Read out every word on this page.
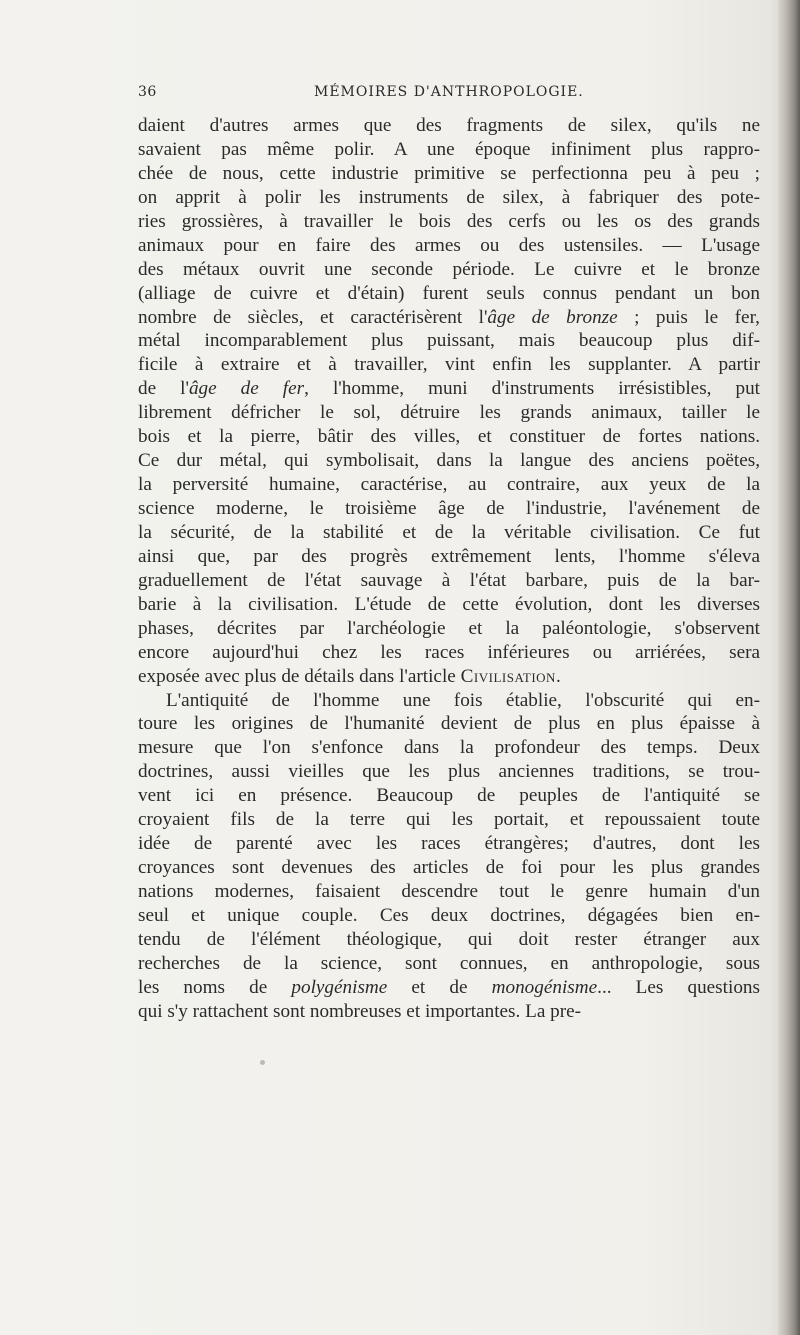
36	MÉMOIRES D'ANTHROPOLOGIE.
daient d'autres armes que des fragments de silex, qu'ils ne
savaient pas même polir. A une époque infiniment plus rappro-
chée de nous, cette industrie primitive se perfectionna peu à peu ;
on apprit à polir les instruments de silex, à fabriquer des pote-
ries grossières, à travailler le bois des cerfs ou les os des grands
animaux pour en faire des armes ou des ustensiles. — L'usage
des métaux ouvrit une seconde période. Le cuivre et le bronze
(alliage de cuivre et d'étain) furent seuls connus pendant un bon
nombre de siècles, et caractérisèrent l'âge de bronze ; puis le fer,
métal incomparablement plus puissant, mais beaucoup plus dif-
ficile à extraire et à travailler, vint enfin les supplanter. A partir
de l'âge de fer, l'homme, muni d'instruments irrésistibles, put
librement défricher le sol, détruire les grands animaux, tailler le
bois et la pierre, bâtir des villes, et constituer de fortes nations.
Ce dur métal, qui symbolisait, dans la langue des anciens poëtes,
la perversité humaine, caractérise, au contraire, aux yeux de la
science moderne, le troisième âge de l'industrie, l'avénement de
la sécurité, de la stabilité et de la véritable civilisation. Ce fut
ainsi que, par des progrès extrêmement lents, l'homme s'éleva
graduellement de l'état sauvage à l'état barbare, puis de la bar-
barie à la civilisation. L'étude de cette évolution, dont les diverses
phases, décrites par l'archéologie et la paléontologie, s'observent
encore aujourd'hui chez les races inférieures ou arriérées, sera
exposée avec plus de détails dans l'article Civilisation.
L'antiquité de l'homme une fois établie, l'obscurité qui en-
toure les origines de l'humanité devient de plus en plus épaisse à
mesure que l'on s'enfonce dans la profondeur des temps. Deux
doctrines, aussi vieilles que les plus anciennes traditions, se trou-
vent ici en présence. Beaucoup de peuples de l'antiquité se
croyaient fils de la terre qui les portait, et repoussaient toute
idée de parenté avec les races étrangères; d'autres, dont les
croyances sont devenues des articles de foi pour les plus grandes
nations modernes, faisaient descendre tout le genre humain d'un
seul et unique couple. Ces deux doctrines, dégagées bien en-
tendu de l'élément théologique, qui doit rester étranger aux
recherches de la science, sont connues, en anthropologie, sous
les noms de polygénisme et de monogénisme... Les questions
qui s'y rattachent sont nombreuses et importantes. La pre-
